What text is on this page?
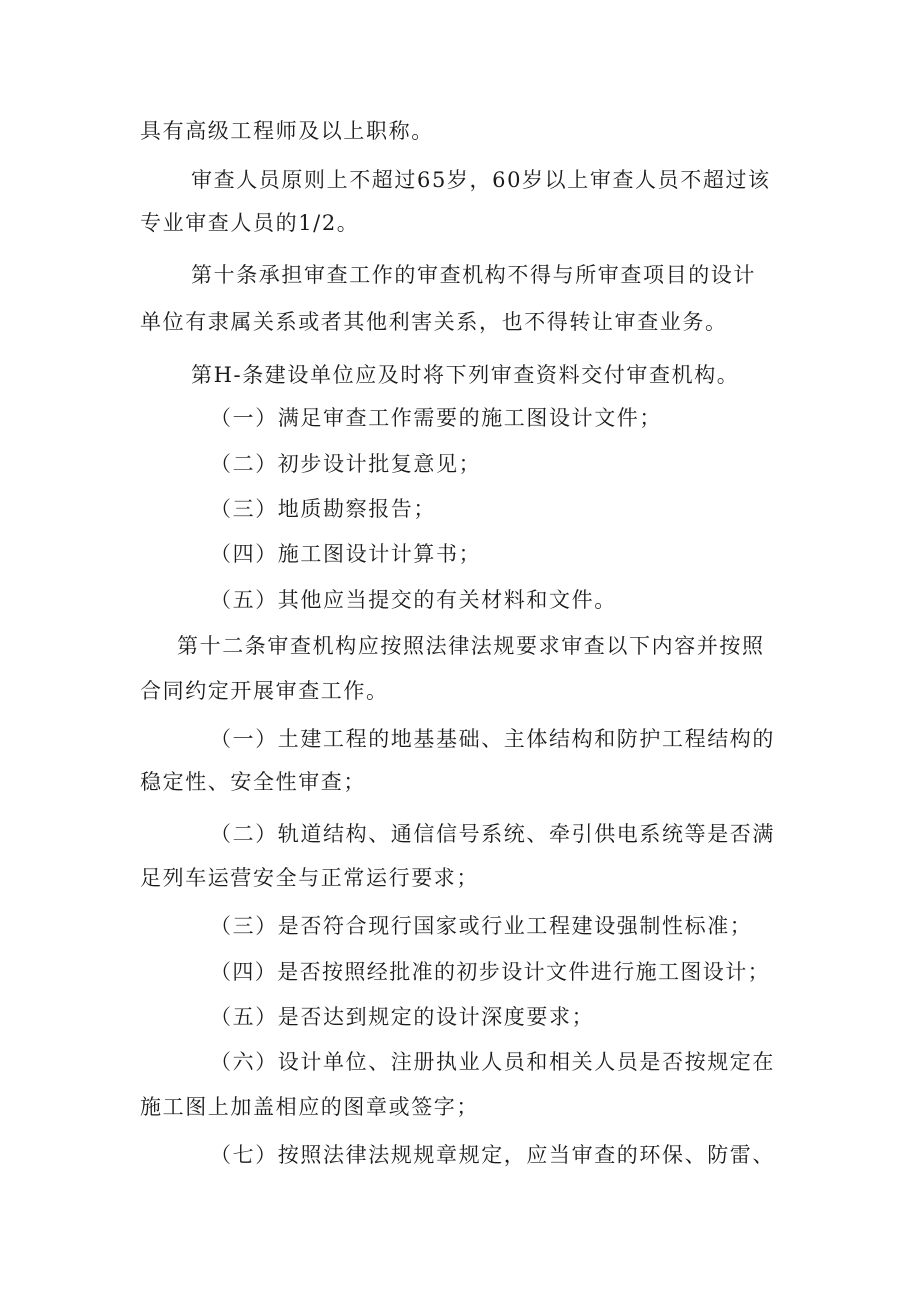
具有高级工程师及以上职称。
审查人员原则上不超过65岁，60岁以上审查人员不超过该
专业审查人员的1/2。
第十条承担审查工作的审查机构不得与所审查项目的设计
单位有隶属关系或者其他利害关系，也不得转让审查业务。
第H-条建设单位应及时将下列审查资料交付审查机构。
（一）满足审查工作需要的施工图设计文件；
（二）初步设计批复意见；
（三）地质勘察报告；
（四）施工图设计计算书；
（五）其他应当提交的有关材料和文件。
第十二条审查机构应按照法律法规要求审查以下内容并按照
合同约定开展审查工作。
（一）土建工程的地基基础、主体结构和防护工程结构的
稳定性、安全性审查；
（二）轨道结构、通信信号系统、牵引供电系统等是否满
足列车运营安全与正常运行要求；
（三）是否符合现行国家或行业工程建设强制性标准；
（四）是否按照经批准的初步设计文件进行施工图设计；
（五）是否达到规定的设计深度要求；
（六）设计单位、注册执业人员和相关人员是否按规定在
施工图上加盖相应的图章或签字；
（七）按照法律法规规章规定，应当审查的环保、防雷、
